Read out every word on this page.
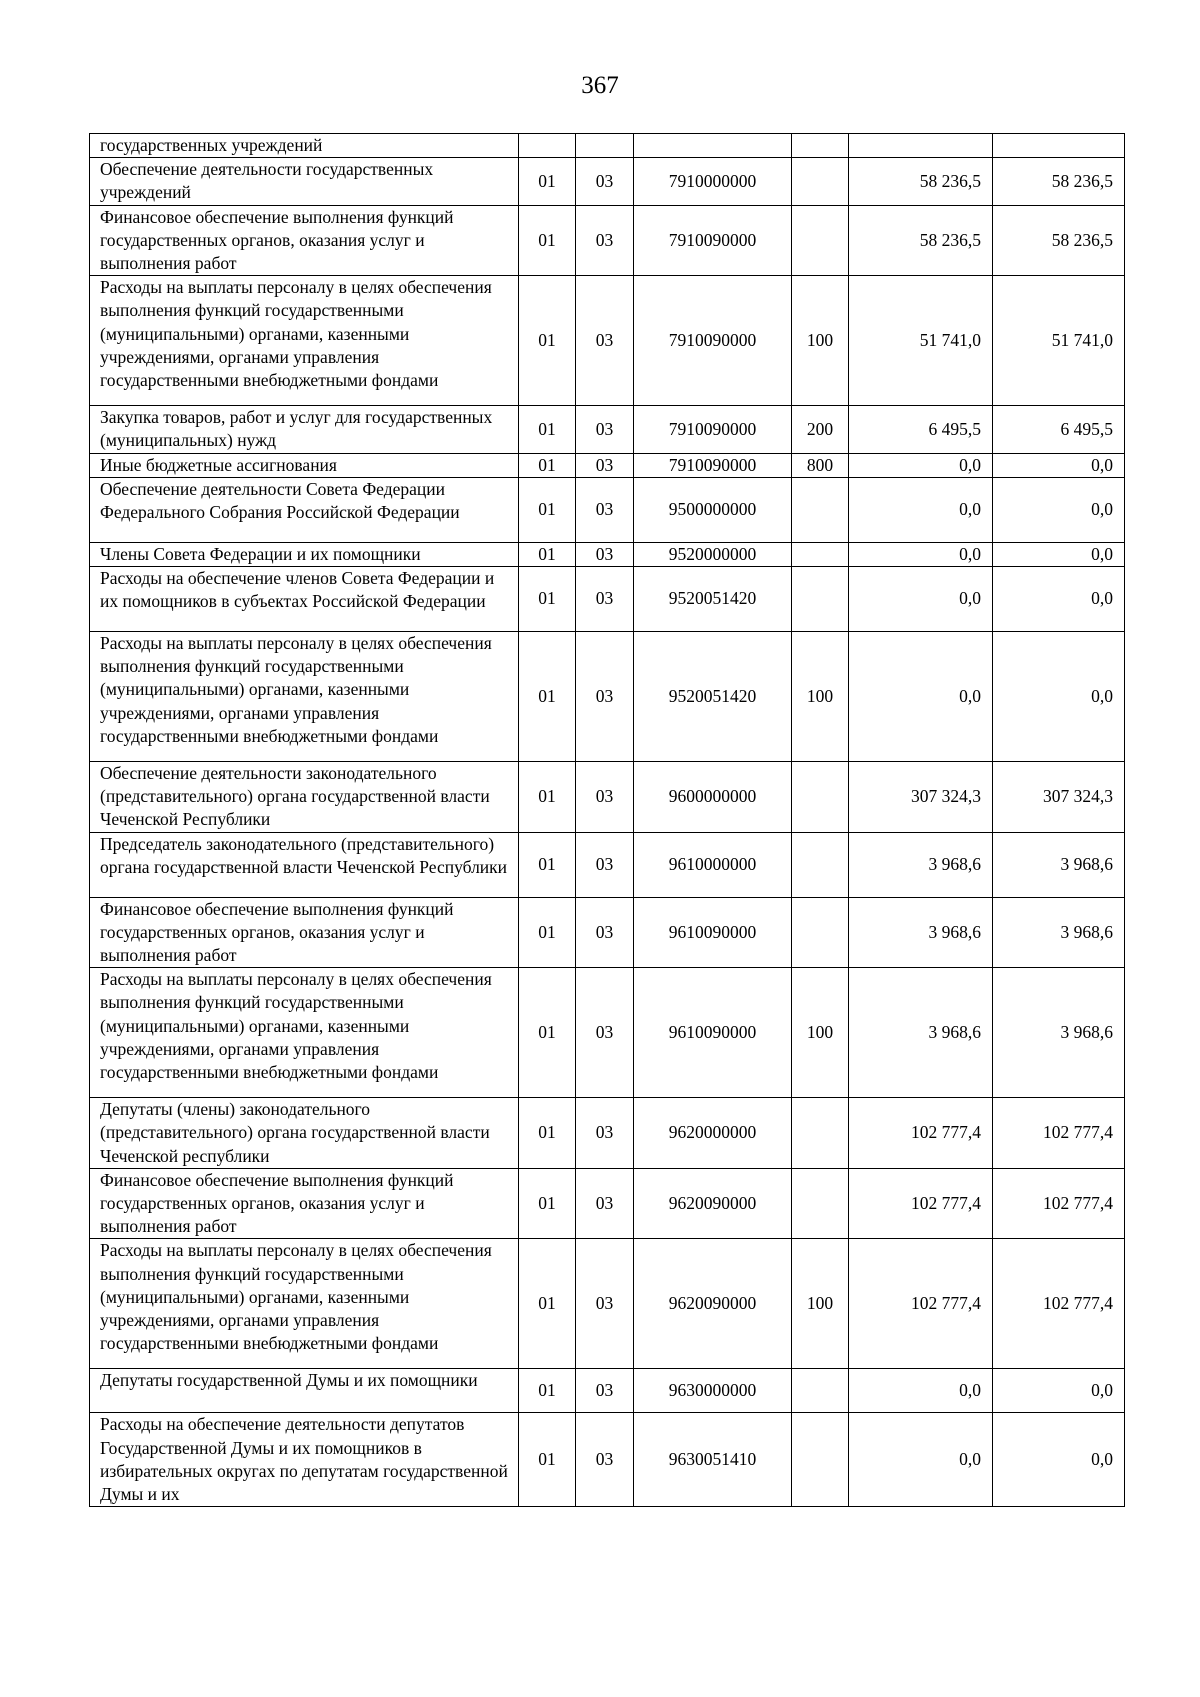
367
государственных учреждений						
Обеспечение деятельности государственных учреждений	01	03	7910000000		58 236,5	58 236,5
Финансовое обеспечение выполнения функций государственных органов, оказания услуг и выполнения работ	01	03	7910090000		58 236,5	58 236,5
Расходы на выплаты персоналу в целях обеспечения выполнения функций государственными (муниципальными) органами, казенными учреждениями, органами управления государственными внебюджетными фондами	01	03	7910090000	100	51 741,0	51 741,0
Закупка товаров, работ и услуг для государственных (муниципальных) нужд	01	03	7910090000	200	6 495,5	6 495,5
Иные бюджетные ассигнования	01	03	7910090000	800	0,0	0,0
Обеспечение деятельности Совета Федерации Федерального Собрания Российской Федерации	01	03	9500000000		0,0	0,0
Члены Совета Федерации и их помощники	01	03	9520000000		0,0	0,0
Расходы на обеспечение членов Совета Федерации и их помощников в субъектах Российской Федерации	01	03	9520051420		0,0	0,0
Расходы на выплаты персоналу в целях обеспечения выполнения функций государственными (муниципальными) органами, казенными учреждениями, органами управления государственными внебюджетными фондами	01	03	9520051420	100	0,0	0,0
Обеспечение деятельности законодательного (представительного) органа государственной власти Чеченской Республики	01	03	9600000000		307 324,3	307 324,3
Председатель законодательного (представительного) органа государственной власти Чеченской Республики	01	03	9610000000		3 968,6	3 968,6
Финансовое обеспечение выполнения функций государственных органов, оказания услуг и выполнения работ	01	03	9610090000		3 968,6	3 968,6
Расходы на выплаты персоналу в целях обеспечения выполнения функций государственными (муниципальными) органами, казенными учреждениями, органами управления государственными внебюджетными фондами	01	03	9610090000	100	3 968,6	3 968,6
Депутаты (члены) законодательного (представительного) органа государственной власти Чеченской республики	01	03	9620000000		102 777,4	102 777,4
Финансовое обеспечение выполнения функций государственных органов, оказания услуг и выполнения работ	01	03	9620090000		102 777,4	102 777,4
Расходы на выплаты персоналу в целях обеспечения выполнения функций государственными (муниципальными) органами, казенными учреждениями, органами управления государственными внебюджетными фондами	01	03	9620090000	100	102 777,4	102 777,4
Депутаты государственной Думы и их помощники	01	03	9630000000		0,0	0,0
Расходы на обеспечение деятельности депутатов Государственной Думы и их помощников в избирательных округах по депутатам государственной Думы и их	01	03	9630051410		0,0	0,0
